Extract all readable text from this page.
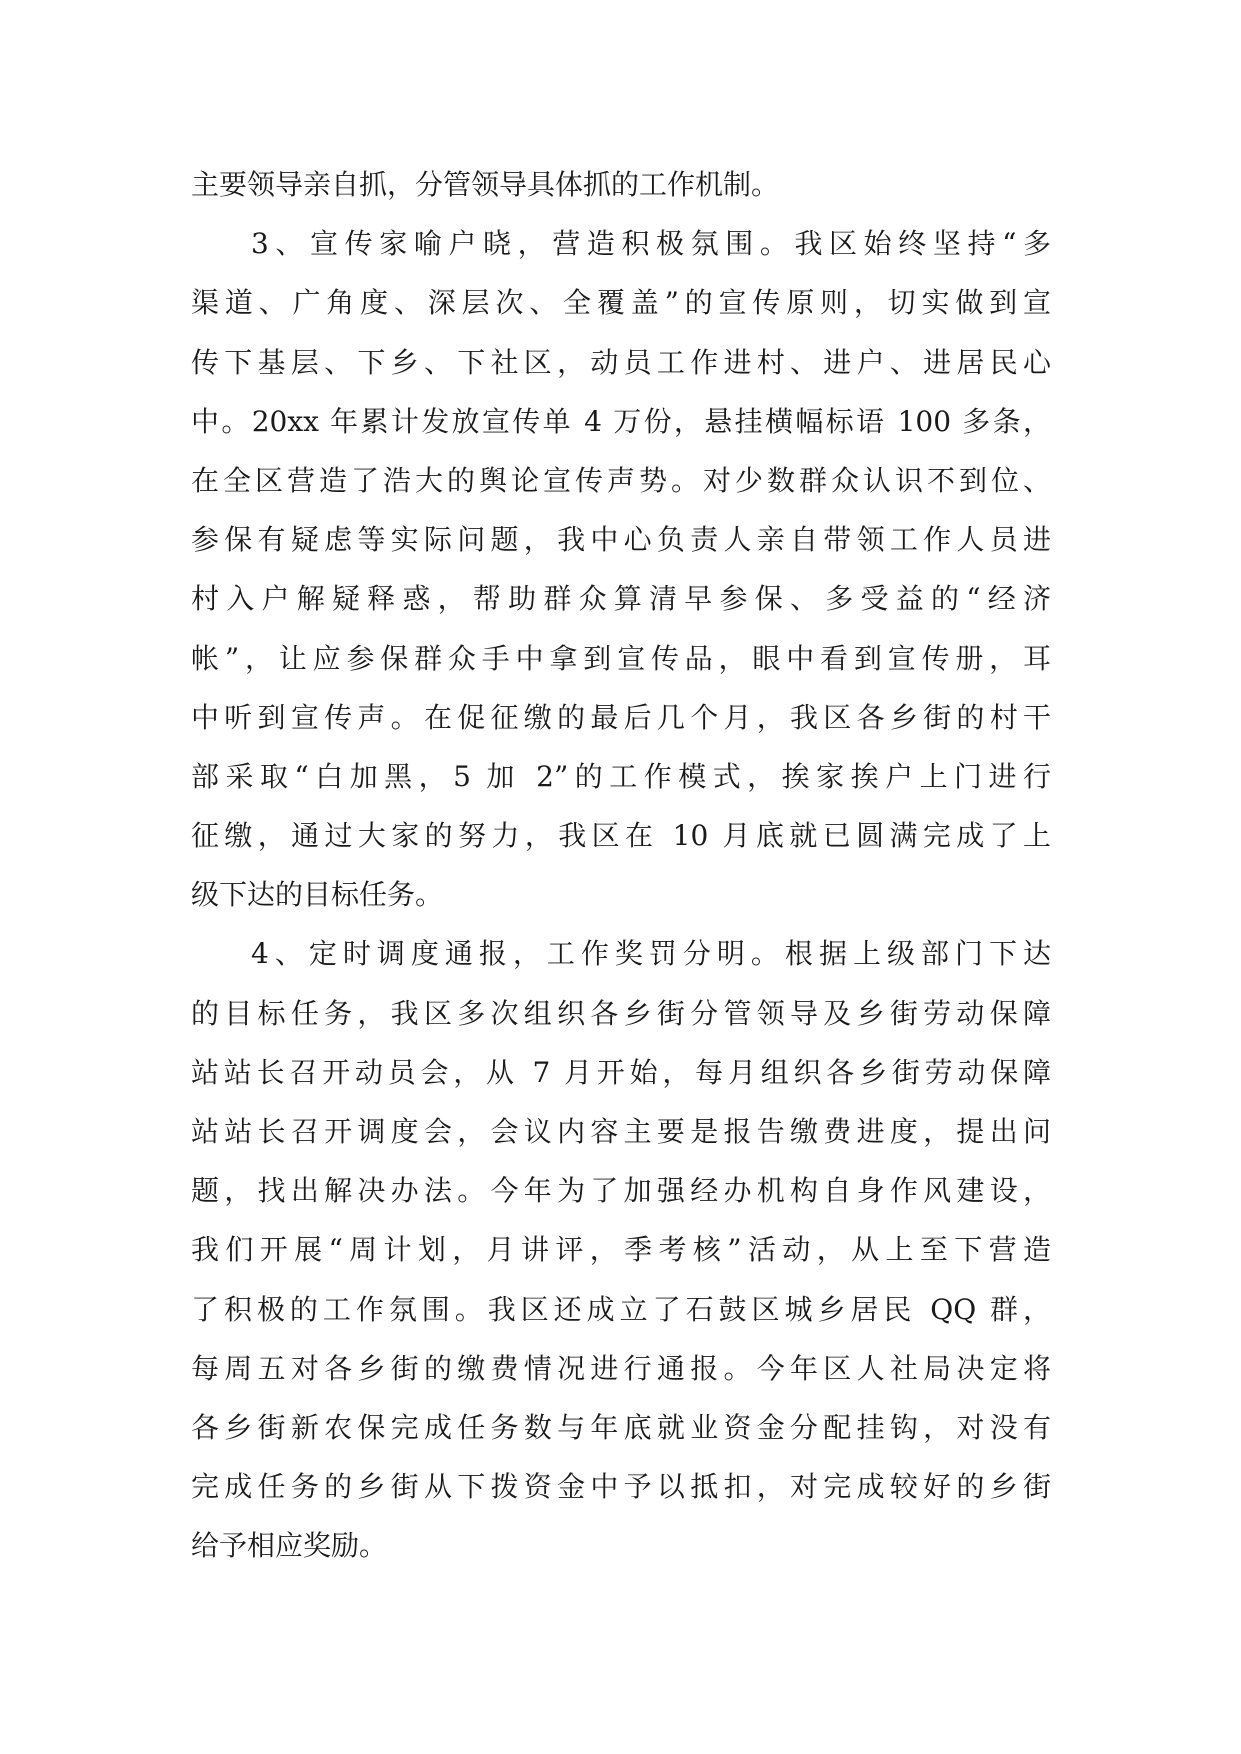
主要领导亲自抓，分管领导具体抓的工作机制。
3、宣传家喻户晓，营造积极氛围。我区始终坚持“多
渠道、广角度、深层次、全覆盖”的宣传原则，切实做到宣
传下基层、下乡、下社区，动员工作进村、进户、进居民心
中。20xx 年累计发放宣传单 4 万份，悬挂横幅标语 100 多条，
在全区营造了浩大的舆论宣传声势。对少数群众认识不到位、
参保有疑虑等实际问题，我中心负责人亲自带领工作人员进
村入户解疑释惑，帮助群众算清早参保、多受益的“经济
帐”，让应参保群众手中拿到宣传品，眼中看到宣传册，耳
中听到宣传声。在促征缴的最后几个月，我区各乡街的村干
部采取“白加黑，5 加 2”的工作模式，挨家挨户上门进行
征缴，通过大家的努力，我区在 10 月底就已圆满完成了上
级下达的目标任务。
4、定时调度通报，工作奖罚分明。根据上级部门下达
的目标任务，我区多次组织各乡街分管领导及乡街劳动保障
站站长召开动员会，从 7 月开始，每月组织各乡街劳动保障
站站长召开调度会，会议内容主要是报告缴费进度，提出问
题，找出解决办法。今年为了加强经办机构自身作风建设，
我们开展“周计划，月讲评，季考核”活动，从上至下营造
了积极的工作氛围。我区还成立了石鼓区城乡居民 QQ 群，
每周五对各乡街的缴费情况进行通报。今年区人社局决定将
各乡街新农保完成任务数与年底就业资金分配挂钩，对没有
完成任务的乡街从下拨资金中予以抵扣，对完成较好的乡街
给予相应奖励。
